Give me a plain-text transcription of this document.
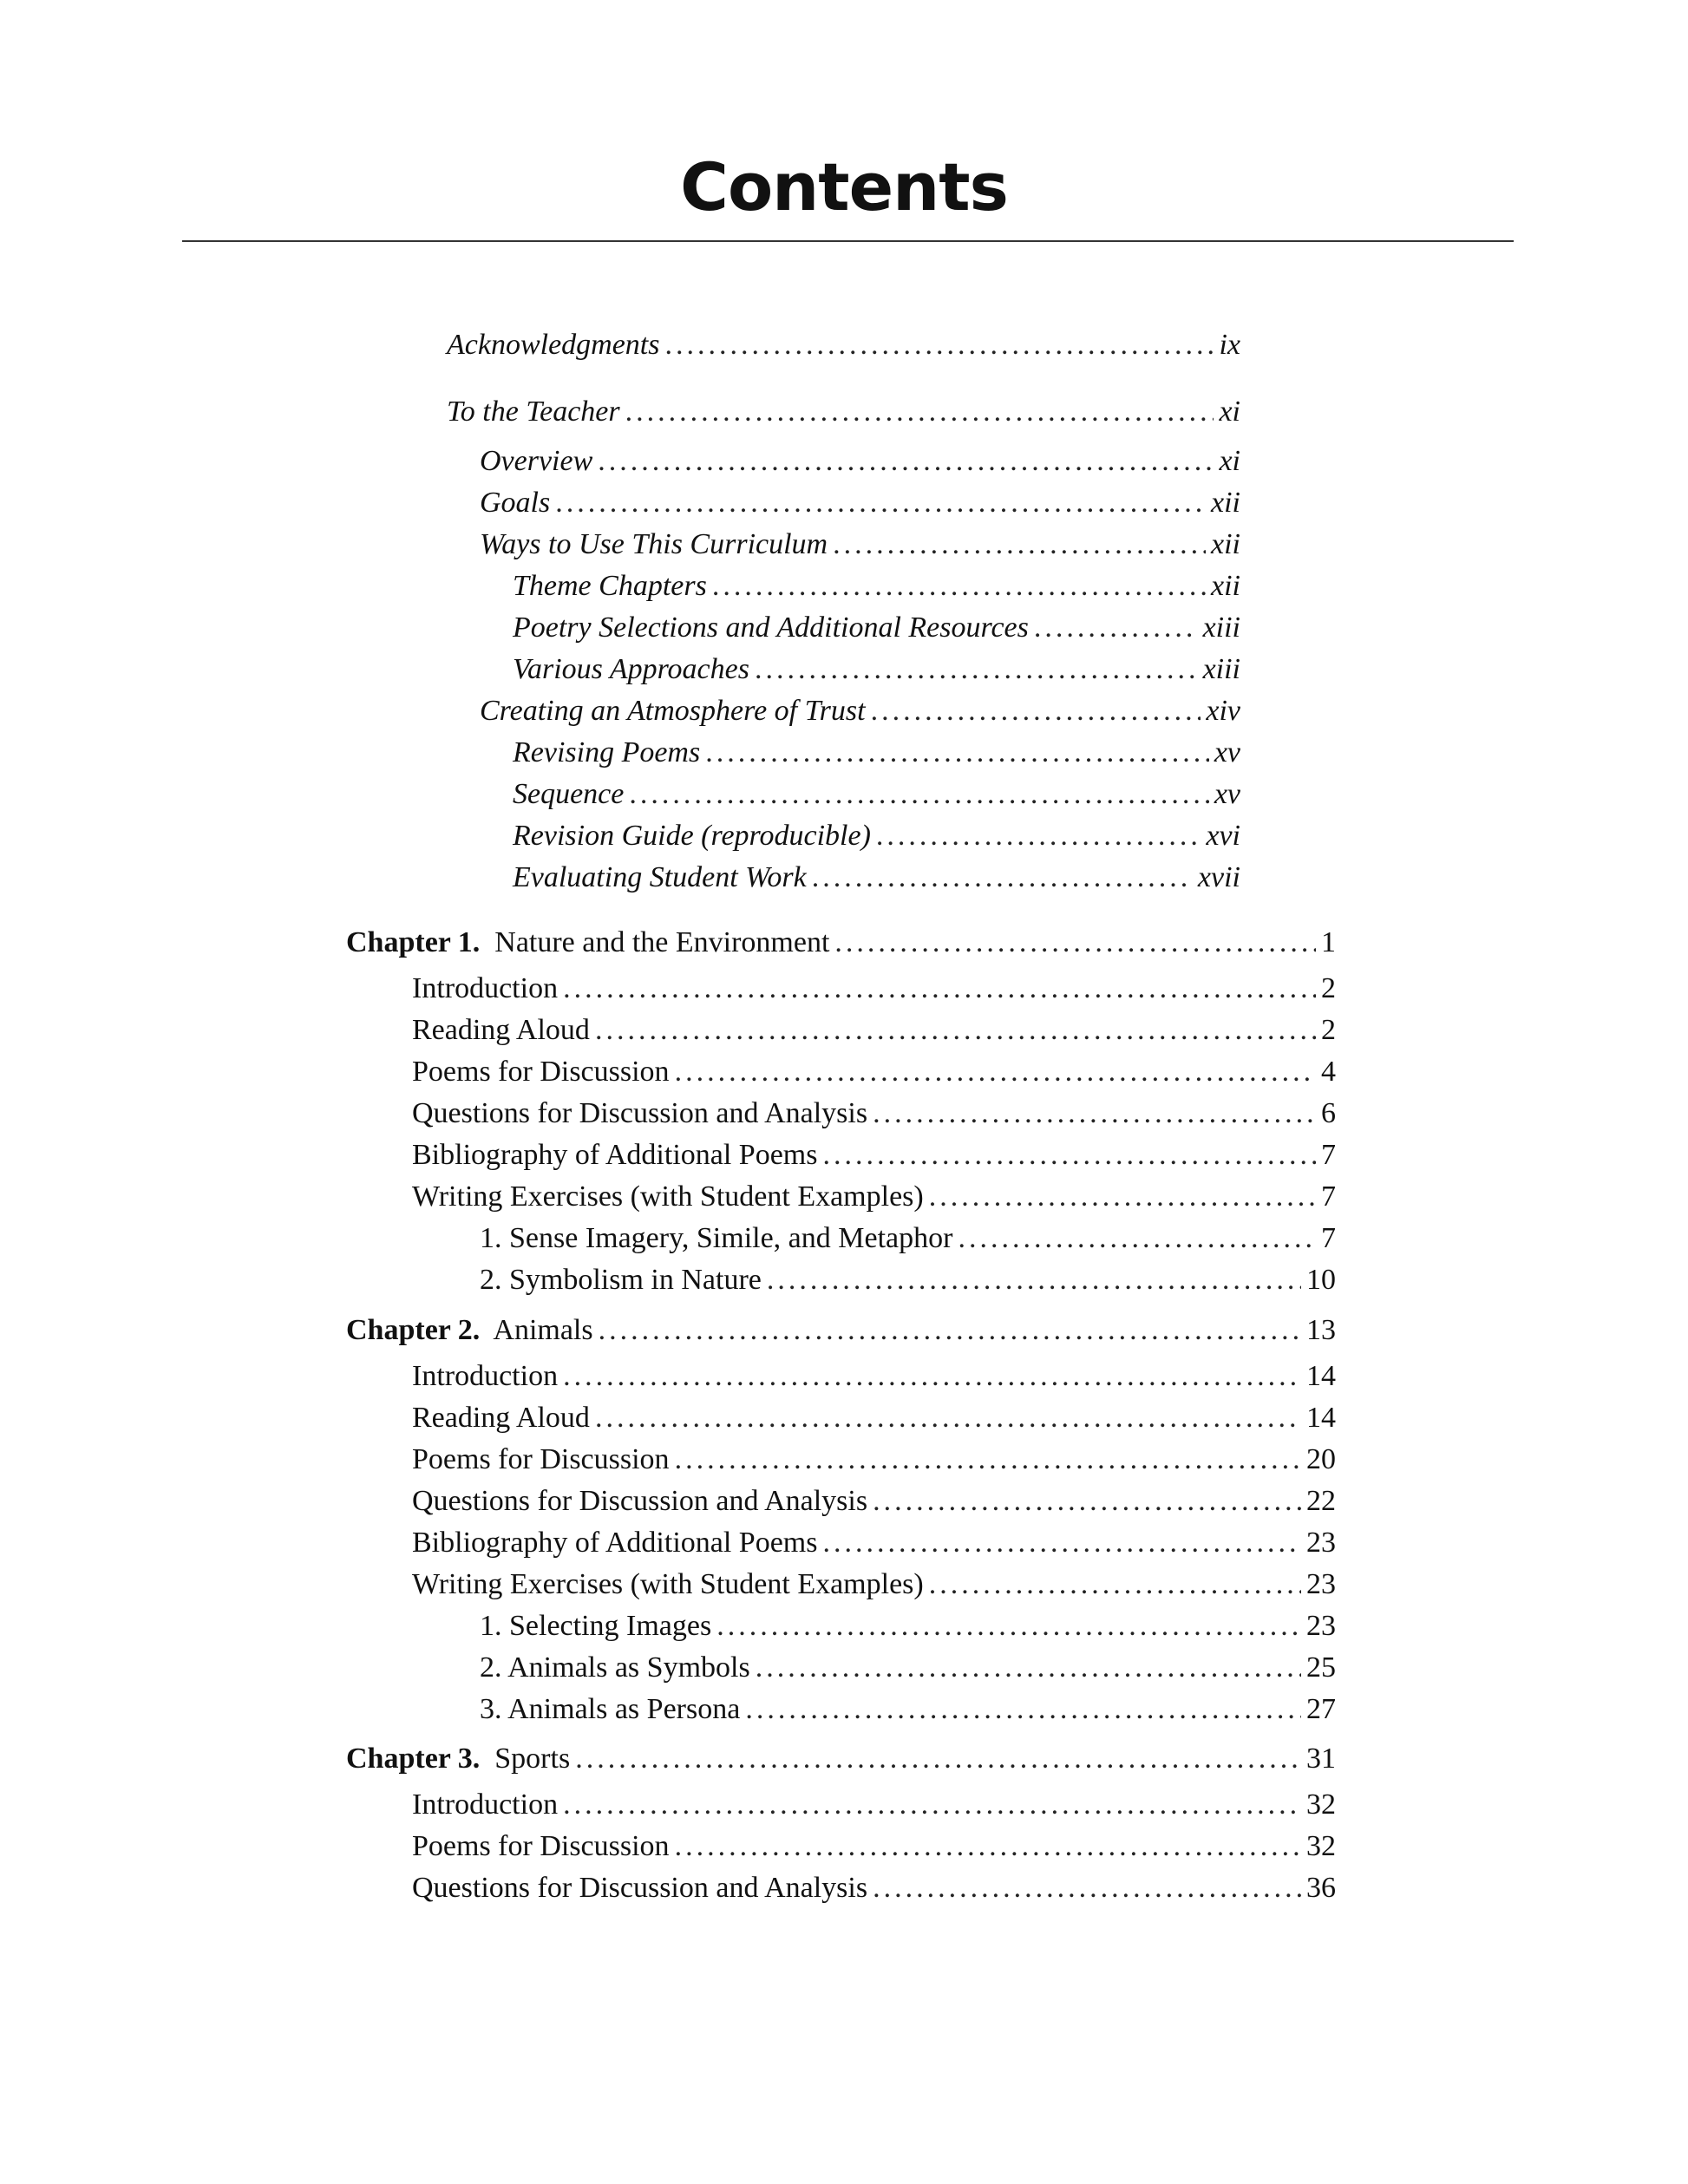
Contents
Acknowledgments .....	ix
To the Teacher .....	xi
Overview .....	xi
Goals .....	xii
Ways to Use This Curriculum .....	xii
Theme Chapters .....	xii
Poetry Selections and Additional Resources .....	xiii
Various Approaches .....	xiii
Creating an Atmosphere of Trust .....	xiv
Revising Poems .....	xv
Sequence .....	xv
Revision Guide (reproducible) .....	xvi
Evaluating Student Work .....	xvii
Chapter 1. Nature and the Environment .....	1
Introduction .....	2
Reading Aloud .....	2
Poems for Discussion .....	4
Questions for Discussion and Analysis .....	6
Bibliography of Additional Poems .....	7
Writing Exercises (with Student Examples) .....	7
1. Sense Imagery, Simile, and Metaphor .....	7
2. Symbolism in Nature .....	10
Chapter 2. Animals .....	13
Introduction .....	14
Reading Aloud .....	14
Poems for Discussion .....	20
Questions for Discussion and Analysis .....	22
Bibliography of Additional Poems .....	23
Writing Exercises (with Student Examples) .....	23
1. Selecting Images .....	23
2. Animals as Symbols .....	25
3. Animals as Persona .....	27
Chapter 3. Sports .....	31
Introduction .....	32
Poems for Discussion .....	32
Questions for Discussion and Analysis .....	36
